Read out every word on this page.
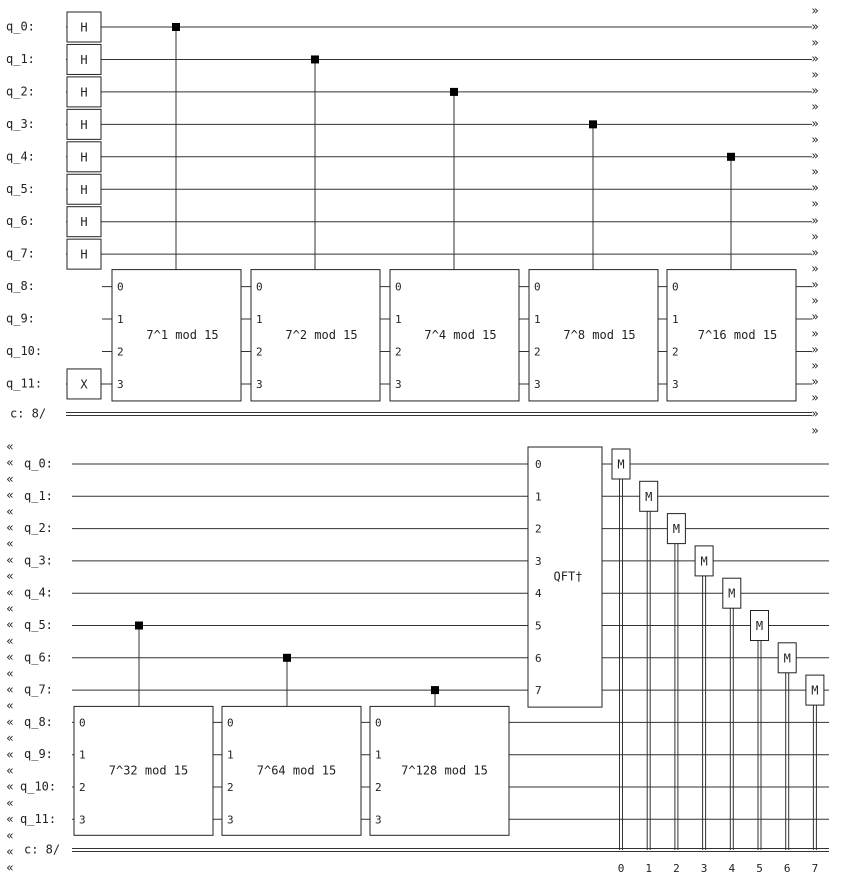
q_0:
q_1:
q_2:
q_3:
q_4:
q_5:
q_6:
q_7:
q_8:
q_9:
q_10:
q_11:
c: 8/
H
H
H
H
H
H
H
H
X
0
1
2
3
7^1 mod 15
0
1
2
3
7^2 mod 15
0
1
2
3
7^4 mod 15
0
1
2
3
7^8 mod 15
0
1
2
3
7^16 mod 15
»
»
»
»
»
»
»
»
»
»
»
»
»
»
»
»
»
»
»
»
»
»
»
»
»
»
»
«
«
«
«
«
«
«
«
«
«
«
«
«
«
«
«
«
«
«
«
«
«
«
«
«
«
«
q_0:
q_1:
q_2:
q_3:
q_4:
q_5:
q_6:
q_7:
q_8:
q_9:
q_10:
q_11:
c: 8/
0
1
2
3
7^32 mod 15
0
1
2
3
7^64 mod 15
0
1
2
3
7^128 mod 15
0
1
2
3
4
5
6
7
QFT†
M
0
M
1
M
2
M
3
M
4
M
5
M
6
M
7
